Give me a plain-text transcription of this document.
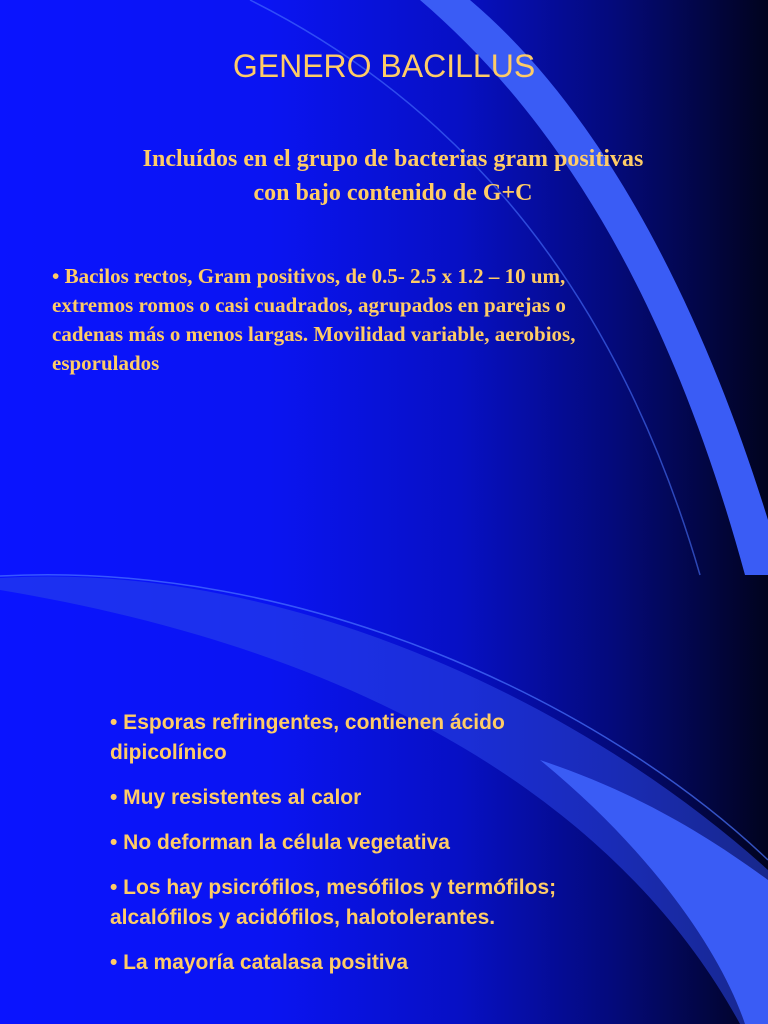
GENERO BACILLUS
Incluídos en el grupo de bacterias gram positivas
con bajo contenido de G+C
• Bacilos rectos, Gram positivos, de 0.5- 2.5 x 1.2 – 10 um,
extremos romos o casi cuadrados, agrupados en parejas o
cadenas más o menos largas. Movilidad variable, aerobios,
esporulados
• Esporas refringentes, contienen ácido
dipicolínico
• Muy resistentes al calor
• No deforman la célula vegetativa
• Los hay psicrófilos, mesófilos y termófilos;
alcalófilos y acidófilos, halotolerantes.
• La mayoría catalasa positiva
